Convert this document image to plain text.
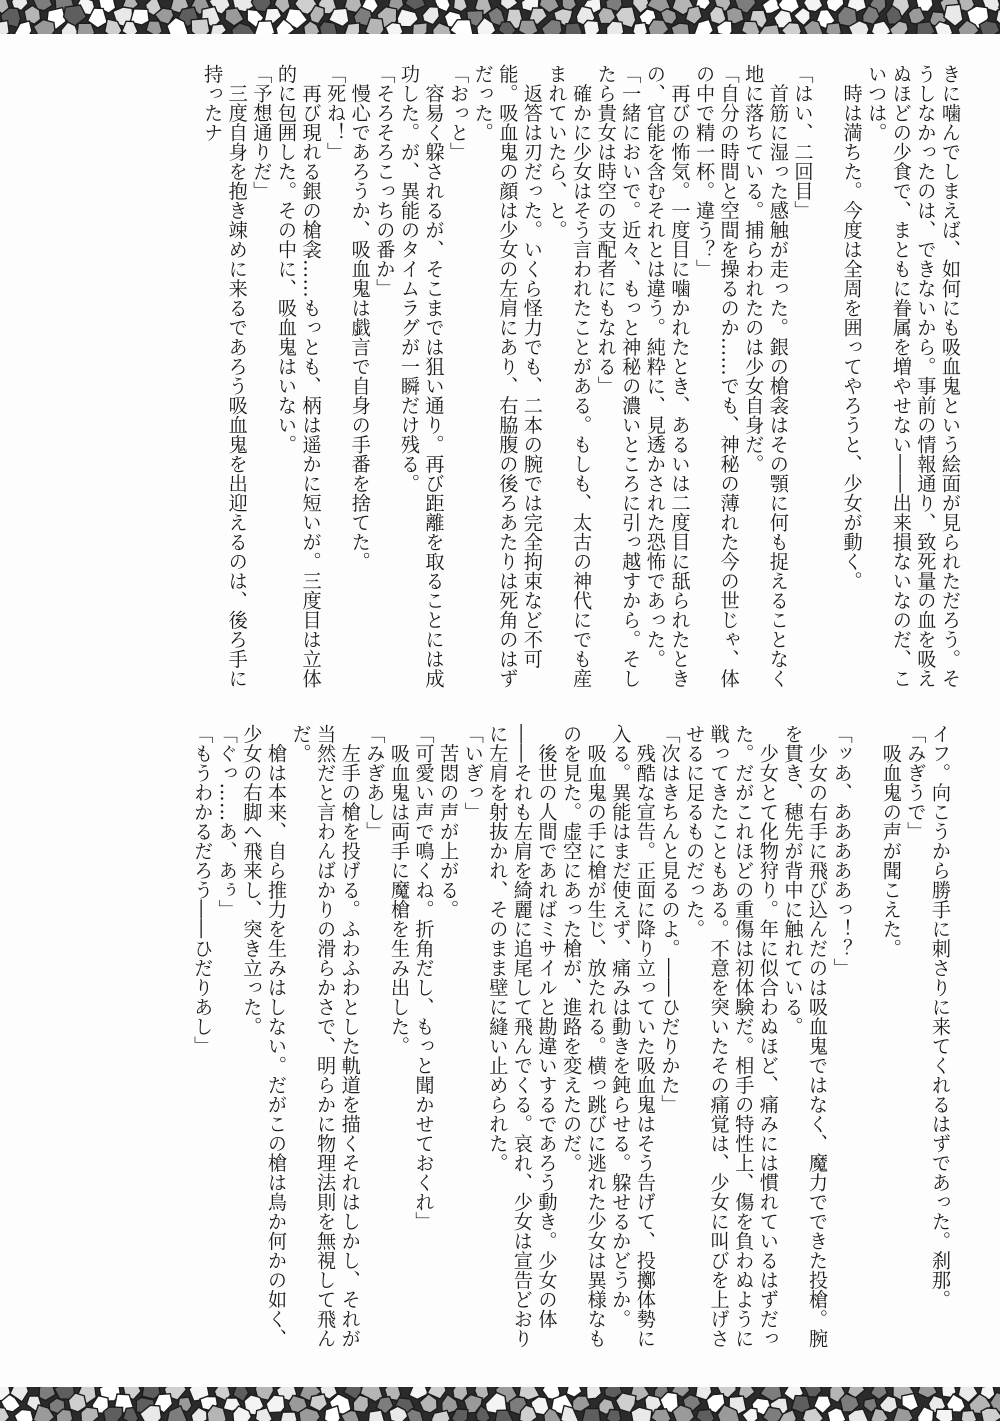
きに噛んでしまえば、如何にも吸血鬼という絵面が見られただろう。そうしなかったのは、できないから。事前の情報通り、致死量の血を吸えぬほどの少食で、まともに眷属を増やせない――出来損ないなのだ、こいつは。

　時は満ちた。今度は全周を囲ってやろうと、少女が動く。

「はい、二回目」

　首筋に湿った感触が走った。銀の槍衾はその顎に何も捉えることなく地に落ちている。捕らわれたのは少女自身だ。

「自分の時間と空間を操るのか……でも、神秘の薄れた今の世じゃ、体の中で精一杯。違う？」

　再びの怖気。一度目に噛かれたとき、あるいは二度目に舐られたときの、官能を含むそれとは違う。純粋に、見透かされた恐怖であった。

「一緒においで。近々、もっと神秘の濃いところに引っ越すから。そしたら貴女は時空の支配者にもなれる」

　確かに少女はそう言われたことがある。もしも、太古の神代にでも産まれていたら、と。

　返答は刃だった。いくら怪力でも、二本の腕では完全拘束など不可能。吸血鬼の顔は少女の左肩にあり、右脇腹の後ろあたりは死角のはずだった。

「おっと」

　容易く躱されるが、そこまでは狙い通り。再び距離を取ることには成功した。が、異能のタイムラグが一瞬だけ残る。

「そろそろこっちの番か」

　慢心であろうか、吸血鬼は戯言で自身の手番を捨てた。

「死ね！」

　再び現れる銀の槍衾……もっとも、柄は遥かに短いが。三度目は立体的に包囲した。その中に、吸血鬼はいない。

「予想通りだ」

　三度自身を抱き竦めに来るであろう吸血鬼を出迎えるのは、後ろ手に持ったナ

イフ。向こうから勝手に刺さりに来てくれるはずであった。刹那。

「みぎうで」

　吸血鬼の声が聞こえた。

「ッあ、あああああっ！？」

　少女の右手に飛び込んだのは吸血鬼ではなく、魔力でできた投槍。腕を貫き、穂先が背中に触れている。

　少女とて化物狩り。年に似合わぬほど、痛みには慣れているはずだった。だがこれほどの重傷は初体験だ。相手の特性上、傷を負わぬように戦ってきたこともある。不意を突いたその痛覚は、少女に叫びを上げさせるに足るものだった。

「次はきちんと見るのよ。――ひだりかた」

　残酷な宣告。正面に降り立っていた吸血鬼はそう告げて、投擲体勢に入る。異能はまだ使えず、痛みは動きを鈍らせる。躱せるかどうか。

　吸血鬼の手に槍が生じ、放たれる。横っ跳びに逃れた少女は異様なものを見た。虚空にあった槍が、進路を変えたのだ。

　後世の人間であればミサイルと勘違いするであろう動き。少女の体――それも左肩を綺麗に追尾して飛んでくる。哀れ、少女は宣告どおりに左肩を射抜かれ、そのまま壁に縫い止められた。

「いぎっ」

　苦悶の声が上がる。

「可愛い声で鳴くね。折角だし、もっと聞かせておくれ」

　吸血鬼は両手に魔槍を生み出した。

「みぎあし」

　左手の槍を投げる。ふわふわとした軌道を描くそれはしかし、それが当然だと言わんばかりの滑らかさで、明らかに物理法則を無視して飛んだ。

　槍は本来、自ら推力を生みはしない。だがこの槍は鳥か何かの如く、少女の右脚へ飛来し、突き立った。

「ぐっ……あ、あぅ」

「もうわかるだろう――ひだりあし」
